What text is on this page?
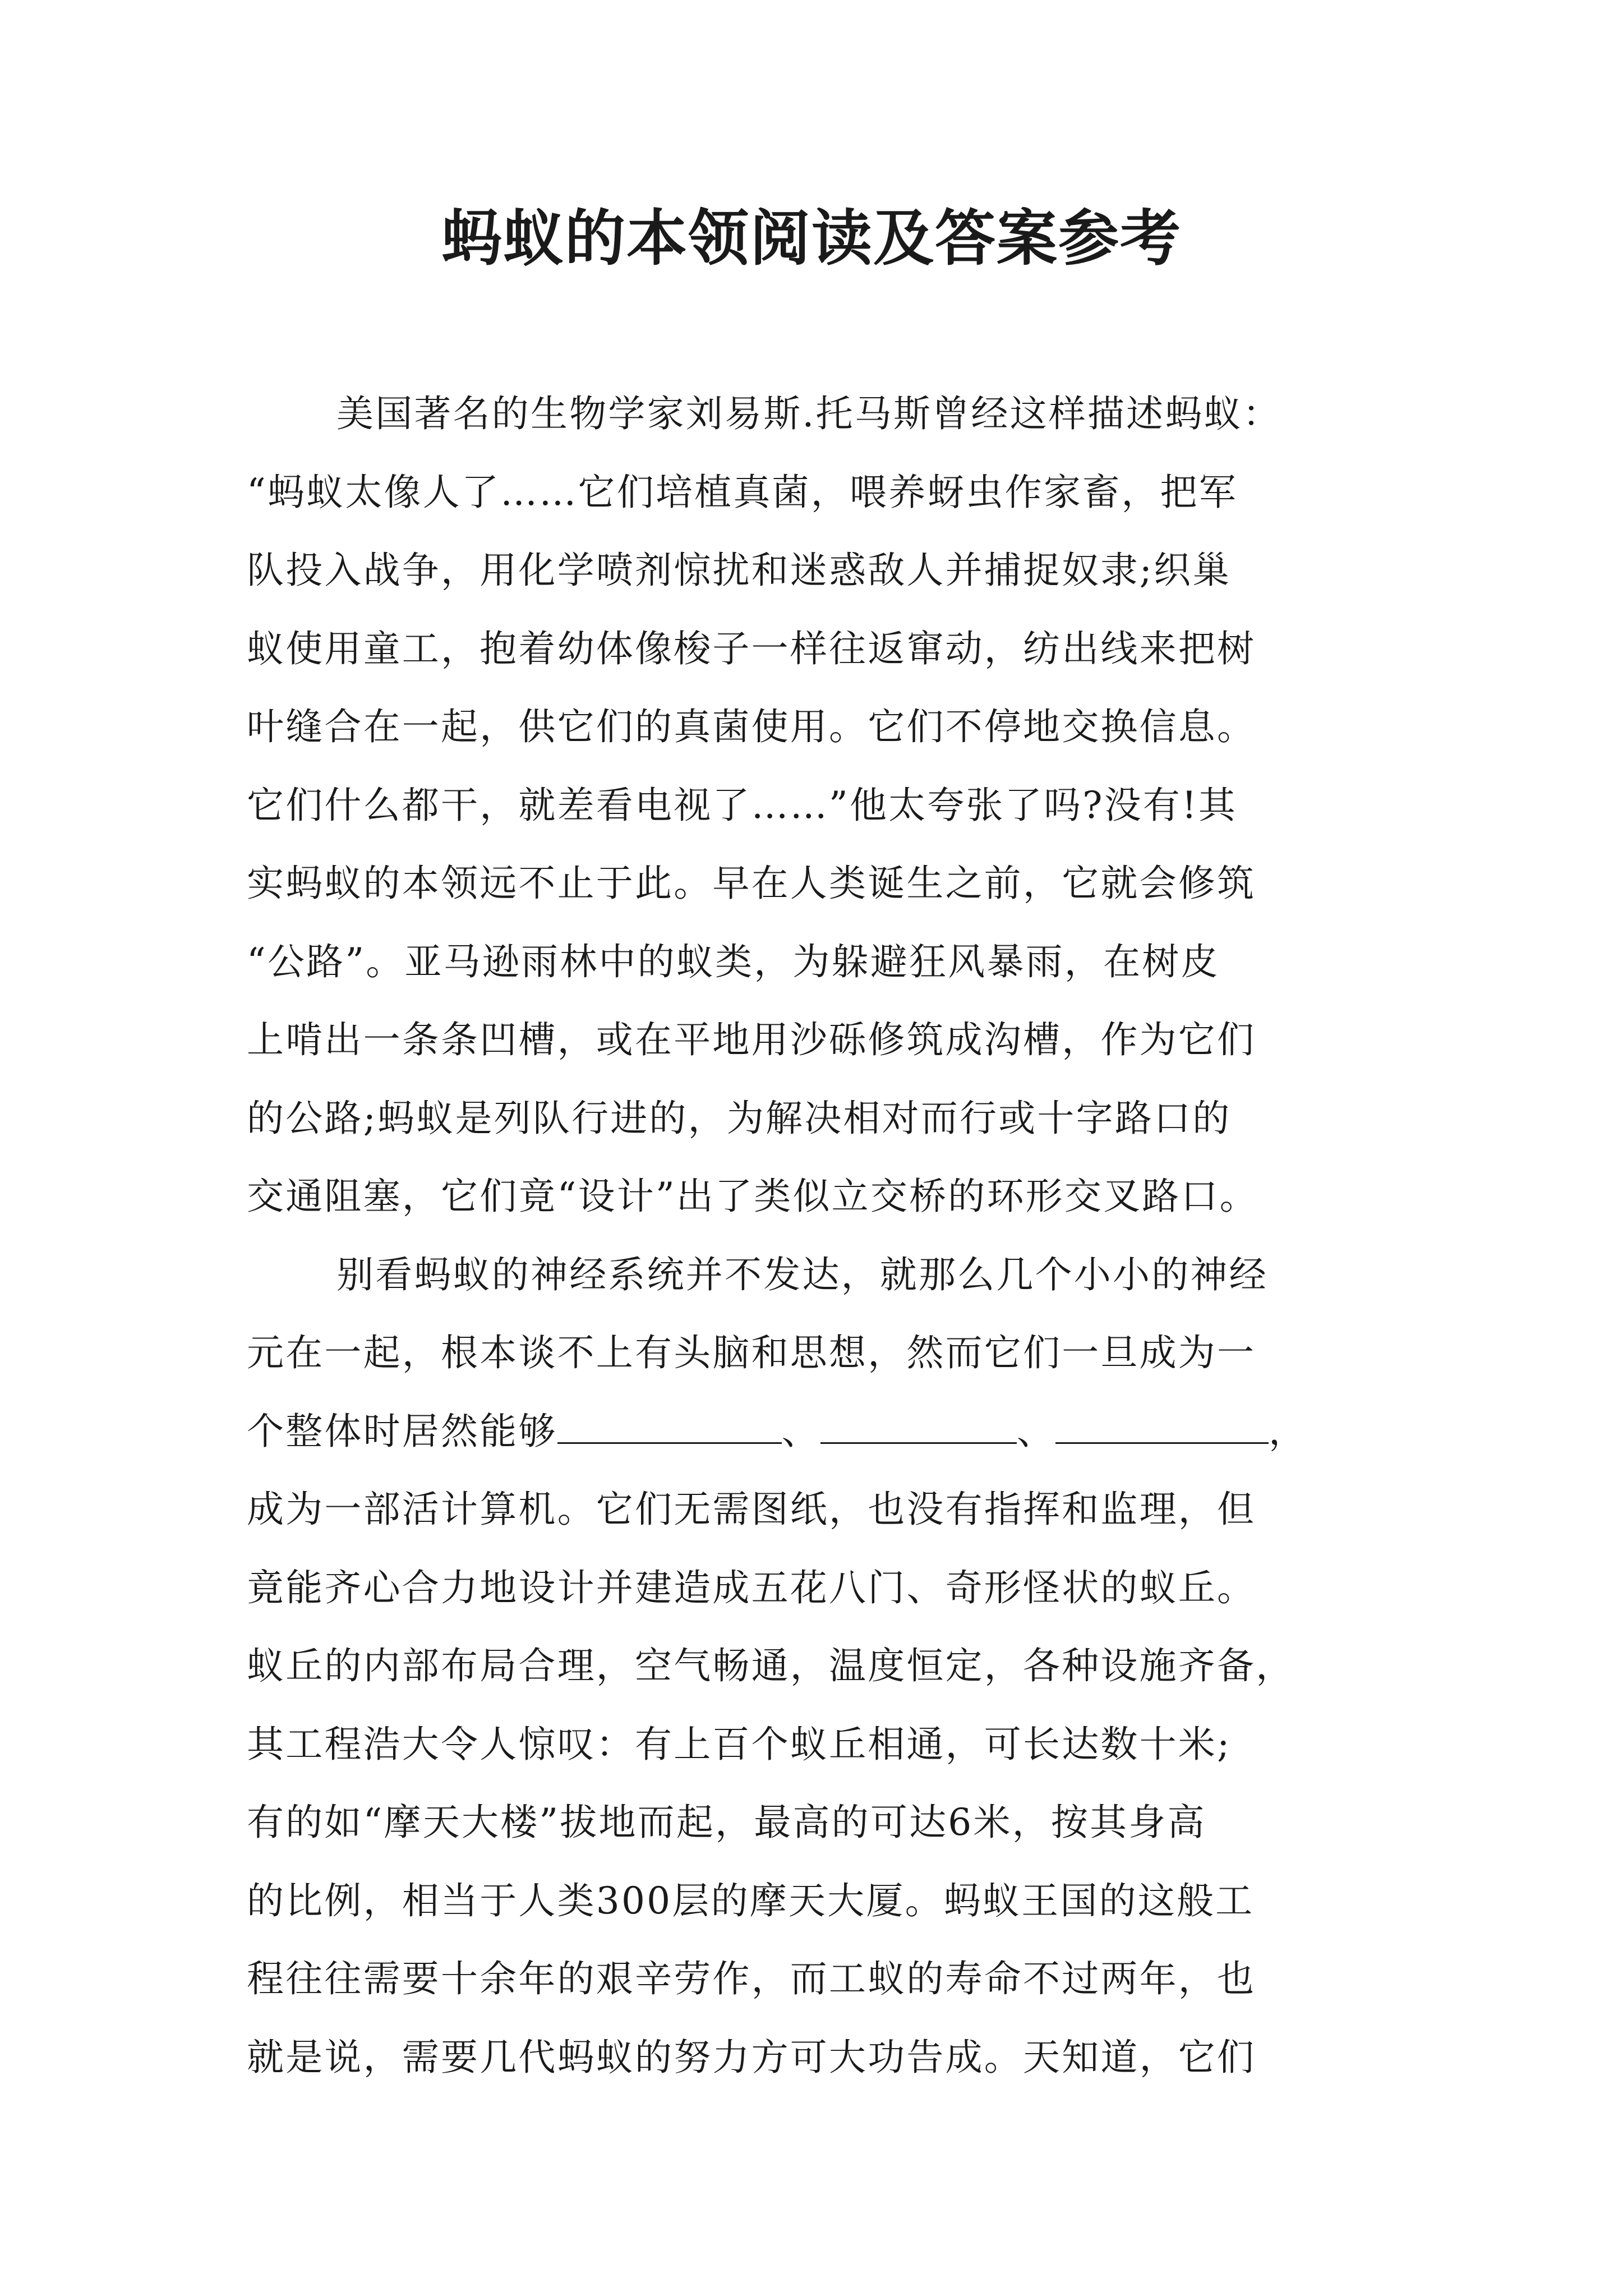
蚂蚁的本领阅读及答案参考
美国著名的生物学家刘易斯.托马斯曾经这样描述蚂蚁：
“蚂蚁太像人了……它们培植真菌，喂养蚜虫作家畜，把军
队投入战争，用化学喷剂惊扰和迷惑敌人并捕捉奴隶;织巢
蚁使用童工，抱着幼体像梭子一样往返窜动，纺出线来把树
叶缝合在一起，供它们的真菌使用。它们不停地交换信息。
它们什么都干，就差看电视了……”他太夸张了吗?没有!其
实蚂蚁的本领远不止于此。早在人类诞生之前，它就会修筑
“公路”。亚马逊雨林中的蚁类，为躲避狂风暴雨，在树皮
上啃出一条条凹槽，或在平地用沙砾修筑成沟槽，作为它们
的公路;蚂蚁是列队行进的，为解决相对而行或十字路口的
交通阻塞，它们竟“设计”出了类似立交桥的环形交叉路口。
别看蚂蚁的神经系统并不发达，就那么几个小小的神经
元在一起，根本谈不上有头脑和思想，然而它们一旦成为一
个整体时居然能够	、	、	，
成为一部活计算机。它们无需图纸，也没有指挥和监理，但
竟能齐心合力地设计并建造成五花八门、奇形怪状的蚁丘。
蚁丘的内部布局合理，空气畅通，温度恒定，各种设施齐备，
其工程浩大令人惊叹：有上百个蚁丘相通，可长达数十米;
有的如“摩天大楼”拔地而起，最高的可达6米，按其身高
的比例，相当于人类300层的摩天大厦。蚂蚁王国的这般工
程往往需要十余年的艰辛劳作，而工蚁的寿命不过两年，也
就是说，需要几代蚂蚁的努力方可大功告成。天知道，它们
